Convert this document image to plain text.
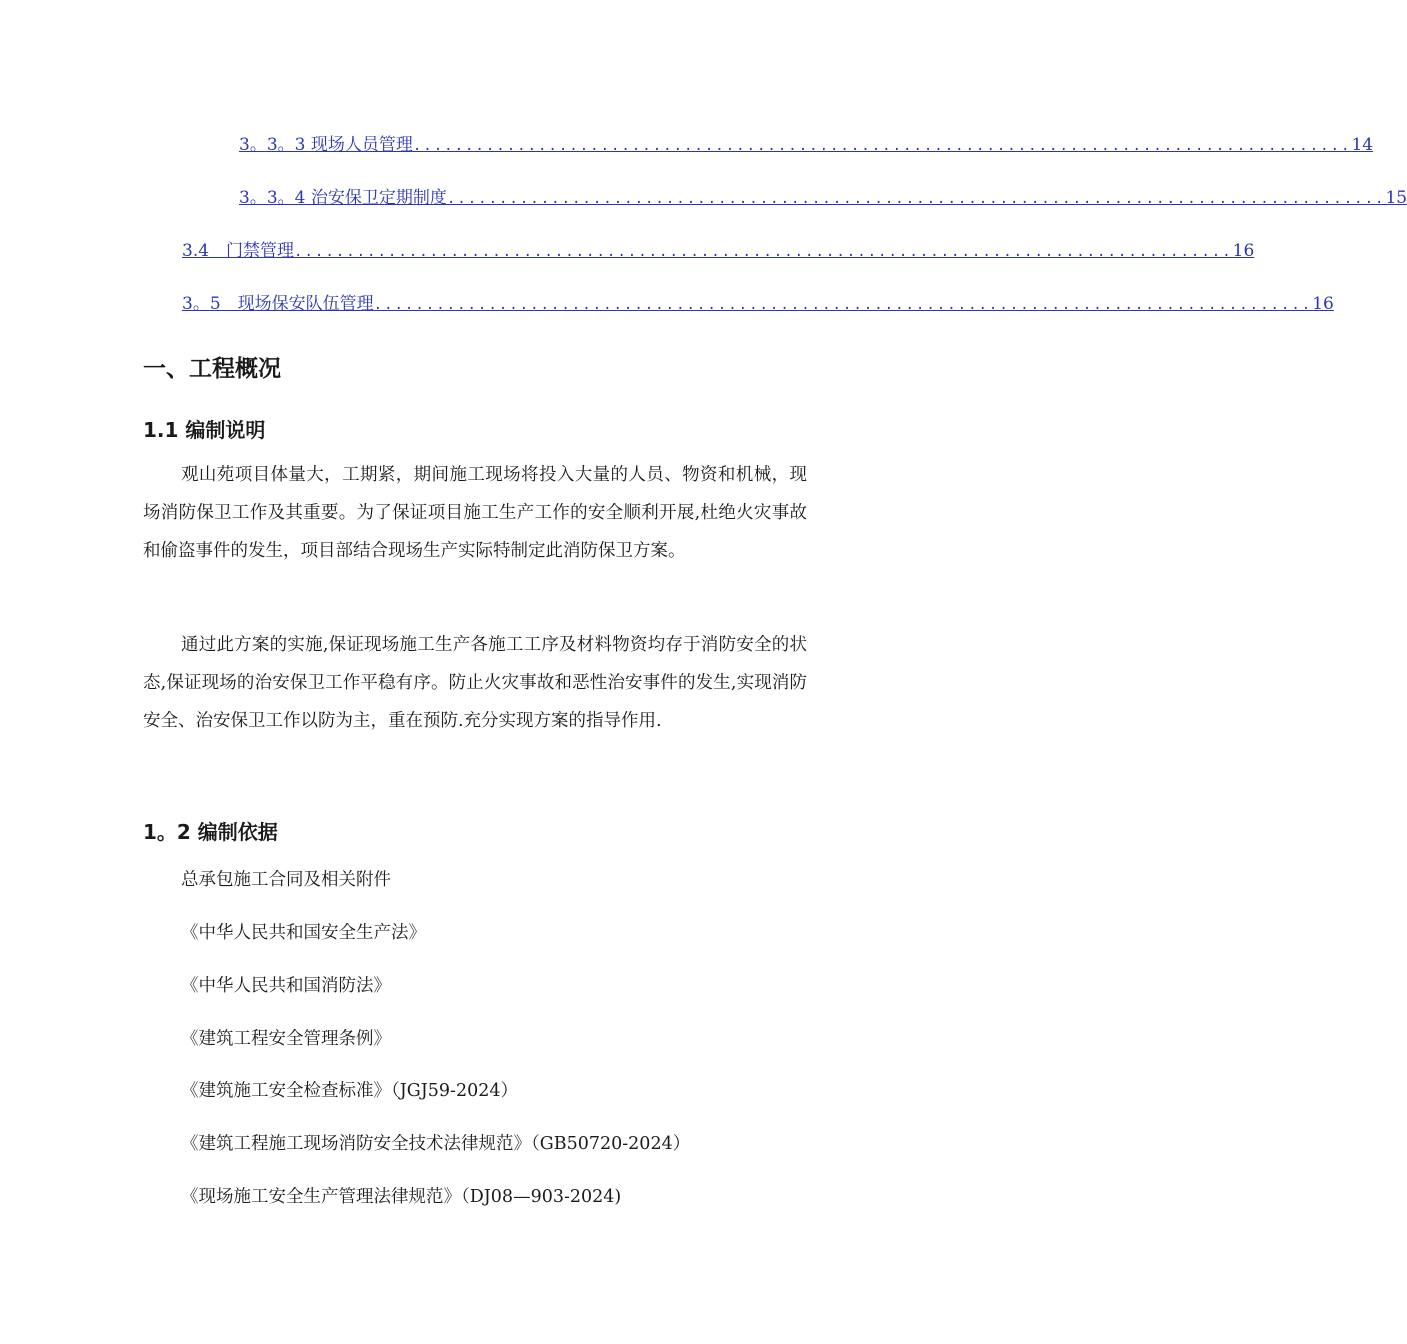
3。3。3 现场人员管理 .......................................................................................... 14
3。3。4 治安保卫定期制度 .......................................................................................... 15
3.4　门禁管理 .......................................................................................... 16
3。5　现场保安队伍管理 .......................................................................................... 16
一、工程概况
1.1 编制说明

观山苑项目体量大，工期紧，期间施工现场将投入大量的人员、物资和机械，现场消防保卫工作及其重要。为了保证项目施工生产工作的安全顺利开展,杜绝火灾事故和偷盗事件的发生，项目部结合现场生产实际特制定此消防保卫方案。

通过此方案的实施,保证现场施工生产各施工工序及材料物资均存于消防安全的状态,保证现场的治安保卫工作平稳有序。防止火灾事故和恶性治安事件的发生,实现消防安全、治安保卫工作以防为主，重在预防.充分实现方案的指导作用.

1。2 编制依据
总承包施工合同及相关附件
《中华人民共和国安全生产法》
《中华人民共和国消防法》
《建筑工程安全管理条例》
《建筑施工安全检查标准》（JGJ59-2024）
《建筑工程施工现场消防安全技术法律规范》（GB50720-2024）
《现场施工安全生产管理法律规范》（DJ08—903-2024)
